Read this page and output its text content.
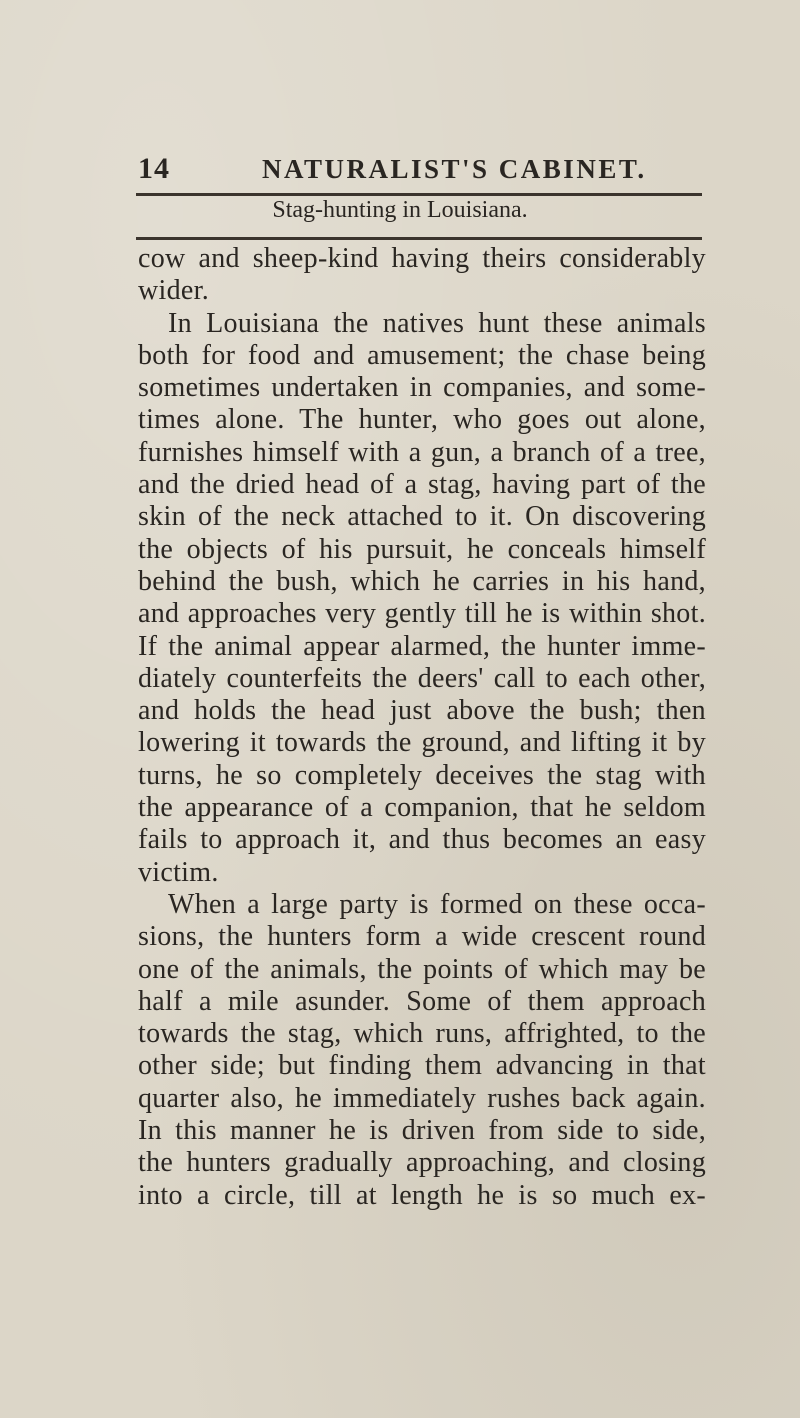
14	NATURALIST'S CABINET.
Stag-hunting in Louisiana.
cow and sheep-kind having theirs considerably
wider.
In Louisiana the natives hunt these animals
both for food and amusement; the chase being
sometimes undertaken in companies, and some-
times alone. The hunter, who goes out alone,
furnishes himself with a gun, a branch of a tree,
and the dried head of a stag, having part of the
skin of the neck attached to it. On discovering
the objects of his pursuit, he conceals himself
behind the bush, which he carries in his hand,
and approaches very gently till he is within shot.
If the animal appear alarmed, the hunter imme-
diately counterfeits the deers' call to each other,
and holds the head just above the bush; then
lowering it towards the ground, and lifting it by
turns, he so completely deceives the stag with
the appearance of a companion, that he seldom
fails to approach it, and thus becomes an easy
victim.
When a large party is formed on these occa-
sions, the hunters form a wide crescent round
one of the animals, the points of which may be
half a mile asunder. Some of them approach
towards the stag, which runs, affrighted, to the
other side; but finding them advancing in that
quarter also, he immediately rushes back again.
In this manner he is driven from side to side,
the hunters gradually approaching, and closing
into a circle, till at length he is so much ex-
